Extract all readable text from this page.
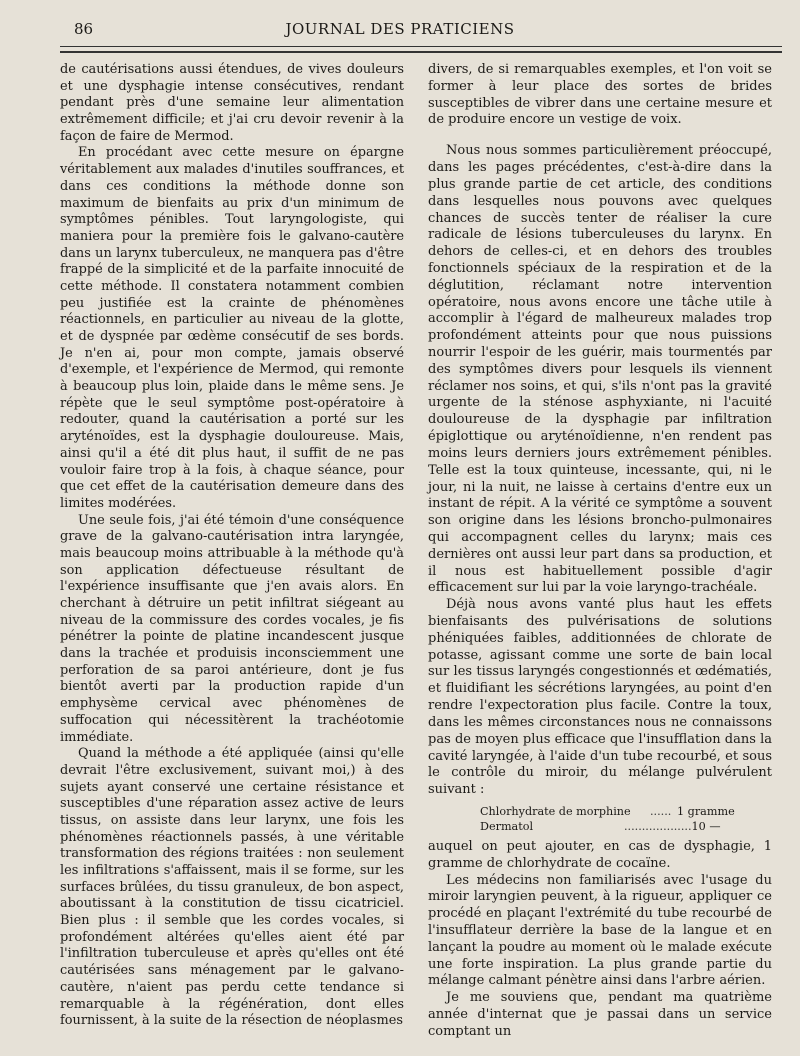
86	JOURNAL DES PRATICIENS

de cautérisations aussi étendues, de vives douleurs et une dysphagie intense consécutives, rendant pendant près d'une semaine leur alimentation extrêmement difficile; et j'ai cru devoir revenir à la façon de faire de Mermod.

En procédant avec cette mesure on épargne véritablement aux malades d'inutiles souffrances, et dans ces conditions la méthode donne son maximum de bienfaits au prix d'un minimum de symptômes pénibles. Tout laryngologiste, qui maniera pour la première fois le galvano-cautère dans un larynx tuberculeux, ne manquera pas d'être frappé de la simplicité et de la parfaite innocuité de cette méthode. Il constatera notamment combien peu justifiée est la crainte de phénomènes réactionnels, en particulier au niveau de la glotte, et de dyspnée par œdème consécutif de ses bords. Je n'en ai, pour mon compte, jamais observé d'exemple, et l'expérience de Mermod, qui remonte à beaucoup plus loin, plaide dans le même sens. Je répète que le seul symptôme post-opératoire à redouter, quand la cautérisation a porté sur les aryténoïdes, est la dysphagie douloureuse. Mais, ainsi qu'il a été dit plus haut, il suffit de ne pas vouloir faire trop à la fois, à chaque séance, pour que cet effet de la cautérisation demeure dans des limites modérées.

Une seule fois, j'ai été témoin d'une conséquence grave de la galvano-cautérisation intra laryngée, mais beaucoup moins attribuable à la méthode qu'à son application défectueuse résultant de l'expérience insuffisante que j'en avais alors. En cherchant à détruire un petit infiltrat siégeant au niveau de la commissure des cordes vocales, je fis pénétrer la pointe de platine incandescent jusque dans la trachée et produisis inconsciemment une perforation de sa paroi antérieure, dont je fus bientôt averti par la production rapide d'un emphysème cervical avec phénomènes de suffocation qui nécessitèrent la trachéotomie immédiate.

Quand la méthode a été appliquée (ainsi qu'elle devrait l'être exclusivement, suivant moi,) à des sujets ayant conservé une certaine résistance et susceptibles d'une réparation assez active de leurs tissus, on assiste dans leur larynx, une fois les phénomènes réactionnels passés, à une véritable transformation des régions traitées : non seulement les infiltrations s'affaissent, mais il se forme, sur les surfaces brûlées, du tissu granuleux, de bon aspect, aboutissant à la constitution de tissu cicatriciel. Bien plus : il semble que les cordes vocales, si profondément altérées qu'elles aient été par l'infiltration tuberculeuse et après qu'elles ont été cautérisées sans ménagement par le galvano-cautère, n'aient pas perdu cette tendance si remarquable à la régénération, dont elles fournissent, à la suite de la résection de néoplasmes

divers, de si remarquables exemples, et l'on voit se former à leur place des sortes de brides susceptibles de vibrer dans une certaine mesure et de produire encore un vestige de voix.

Nous nous sommes particulièrement préoccupé, dans les pages précédentes, c'est-à-dire dans la plus grande partie de cet article, des conditions dans lesquelles nous pouvons avec quelques chances de succès tenter de réaliser la cure radicale de lésions tuberculeuses du larynx. En dehors de celles-ci, et en dehors des troubles fonctionnels spéciaux de la respiration et de la déglutition, réclamant notre intervention opératoire, nous avons encore une tâche utile à accomplir à l'égard de malheureux malades trop profondément atteints pour que nous puissions nourrir l'espoir de les guérir, mais tourmentés par des symptômes divers pour lesquels ils viennent réclamer nos soins, et qui, s'ils n'ont pas la gravité urgente de la sténose asphyxiante, ni l'acuité douloureuse de la dysphagie par infiltration épiglottique ou aryténoïdienne, n'en rendent pas moins leurs derniers jours extrêmement pénibles. Telle est la toux quinteuse, incessante, qui, ni le jour, ni la nuit, ne laisse à certains d'entre eux un instant de répit. A la vérité ce symptôme a souvent son origine dans les lésions broncho-pulmonaires qui accompagnent celles du larynx; mais ces dernières ont aussi leur part dans sa production, et il nous est habituellement possible d'agir efficacement sur lui par la voie laryngo-trachéale.

Déjà nous avons vanté plus haut les effets bienfaisants des pulvérisations de solutions phéniquées faibles, additionnées de chlorate de potasse, agissant comme une sorte de bain local sur les tissus laryngés congestionnés et œdématiés, et fluidifiant les sécrétions laryngées, au point d'en rendre l'expectoration plus facile. Contre la toux, dans les mêmes circonstances nous ne connaissons pas de moyen plus efficace que l'insufflation dans la cavité laryngée, à l'aide d'un tube recourbé, et sous le contrôle du miroir, du mélange pulvérulent suivant :

Chlorhydrate de morphine	...... 1 gramme
Dermatol	................... 10 —

auquel on peut ajouter, en cas de dysphagie, 1 gramme de chlorhydrate de cocaïne.

Les médecins non familiarisés avec l'usage du miroir laryngien peuvent, à la rigueur, appliquer ce procédé en plaçant l'extrémité du tube recourbé de l'insufflateur derrière la base de la langue et en lançant la poudre au moment où le malade exécute une forte inspiration. La plus grande partie du mélange calmant pénètre ainsi dans l'arbre aérien.

Je me souviens que, pendant ma quatrième année d'internat que je passai dans un service comptant un
